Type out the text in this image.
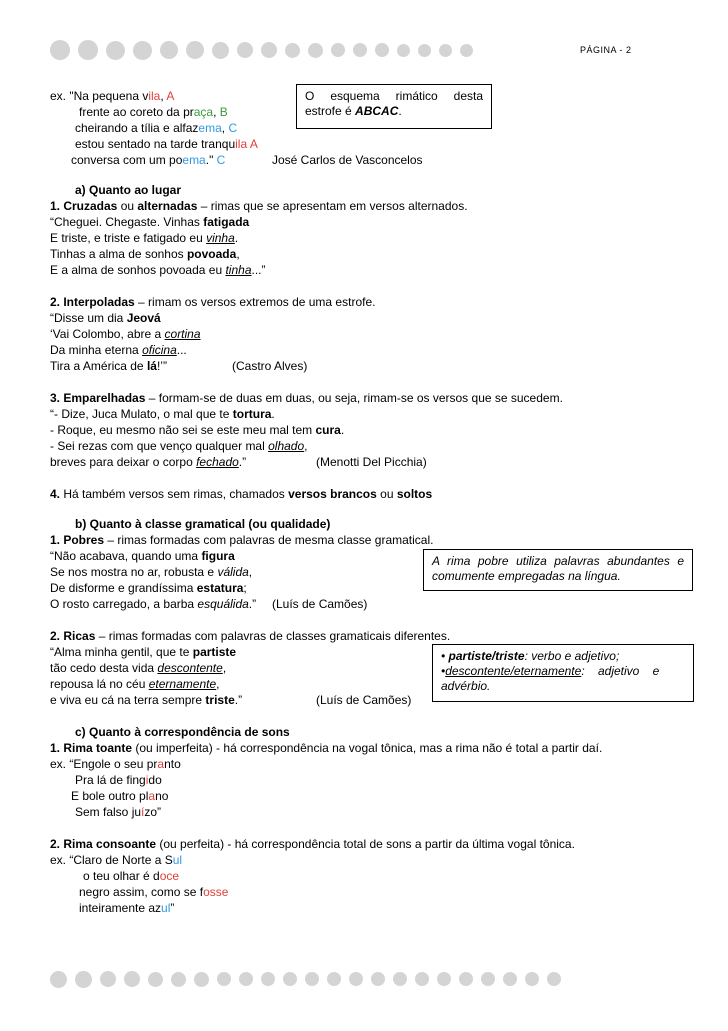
PÁGINA - 2
ex. "Na pequena vila, A
frente ao coreto da praça, B
cheirando a tília e alfazema, C
estou sentado na tarde tranquila A
conversa com um poema." C	José Carlos de Vasconcelos
O esquema rimático desta estrofe é ABCAC.
a) Quanto ao lugar
1. Cruzadas ou alternadas – rimas que se apresentam em versos alternados.
“Cheguei. Chegaste. Vinhas fatigada
E triste, e triste e fatigado eu vinha.
Tinhas a alma de sonhos povoada,
E a alma de sonhos povoada eu tinha...”
2. Interpoladas – rimam os versos extremos de uma estrofe.
“Disse um dia Jeová
‘Vai Colombo, abre a cortina
Da minha eterna oficina...
Tira a América de lá!’”	(Castro Alves)
3. Emparelhadas – formam-se de duas em duas, ou seja, rimam-se os versos que se sucedem.
“- Dize, Juca Mulato, o mal que te tortura.
- Roque, eu mesmo não sei se este meu mal tem cura.
- Sei rezas com que venço qualquer mal olhado,
breves para deixar o corpo fechado.”	(Menotti Del Picchia)
4. Há também versos sem rimas, chamados versos brancos ou soltos
b) Quanto à classe gramatical (ou qualidade)
1. Pobres – rimas formadas com palavras de mesma classe gramatical.
“Não acabava, quando uma figura
Se nos mostra no ar, robusta e válida,
De disforme e grandíssima estatura;
O rosto carregado, a barba esquálida.” (Luís de Camões)
A rima pobre utiliza palavras abundantes e comumente empregadas na língua.
2. Ricas – rimas formadas com palavras de classes gramaticais diferentes.
“Alma minha gentil, que te partiste
tão cedo desta vida descontente,
repousa lá no céu eternamente,
e viva eu cá na terra sempre triste.”	(Luís de Camões)
• partiste/triste: verbo e adjetivo;
•descontente/eternamente:    adjetivo    e
advérbio.
c) Quanto à correspondência de sons
1. Rima toante (ou imperfeita) - há correspondência na vogal tônica, mas a rima não é total a partir daí.
ex. “Engole o seu pranto
Pra lá de fingido
E bole outro plano
Sem falso juízo”
2. Rima consoante (ou perfeita) - há correspondência total de sons a partir da última vogal tônica.
ex. “Claro de Norte a Sul
o teu olhar é doce
negro assim, como se fosse
inteiramente azul”
